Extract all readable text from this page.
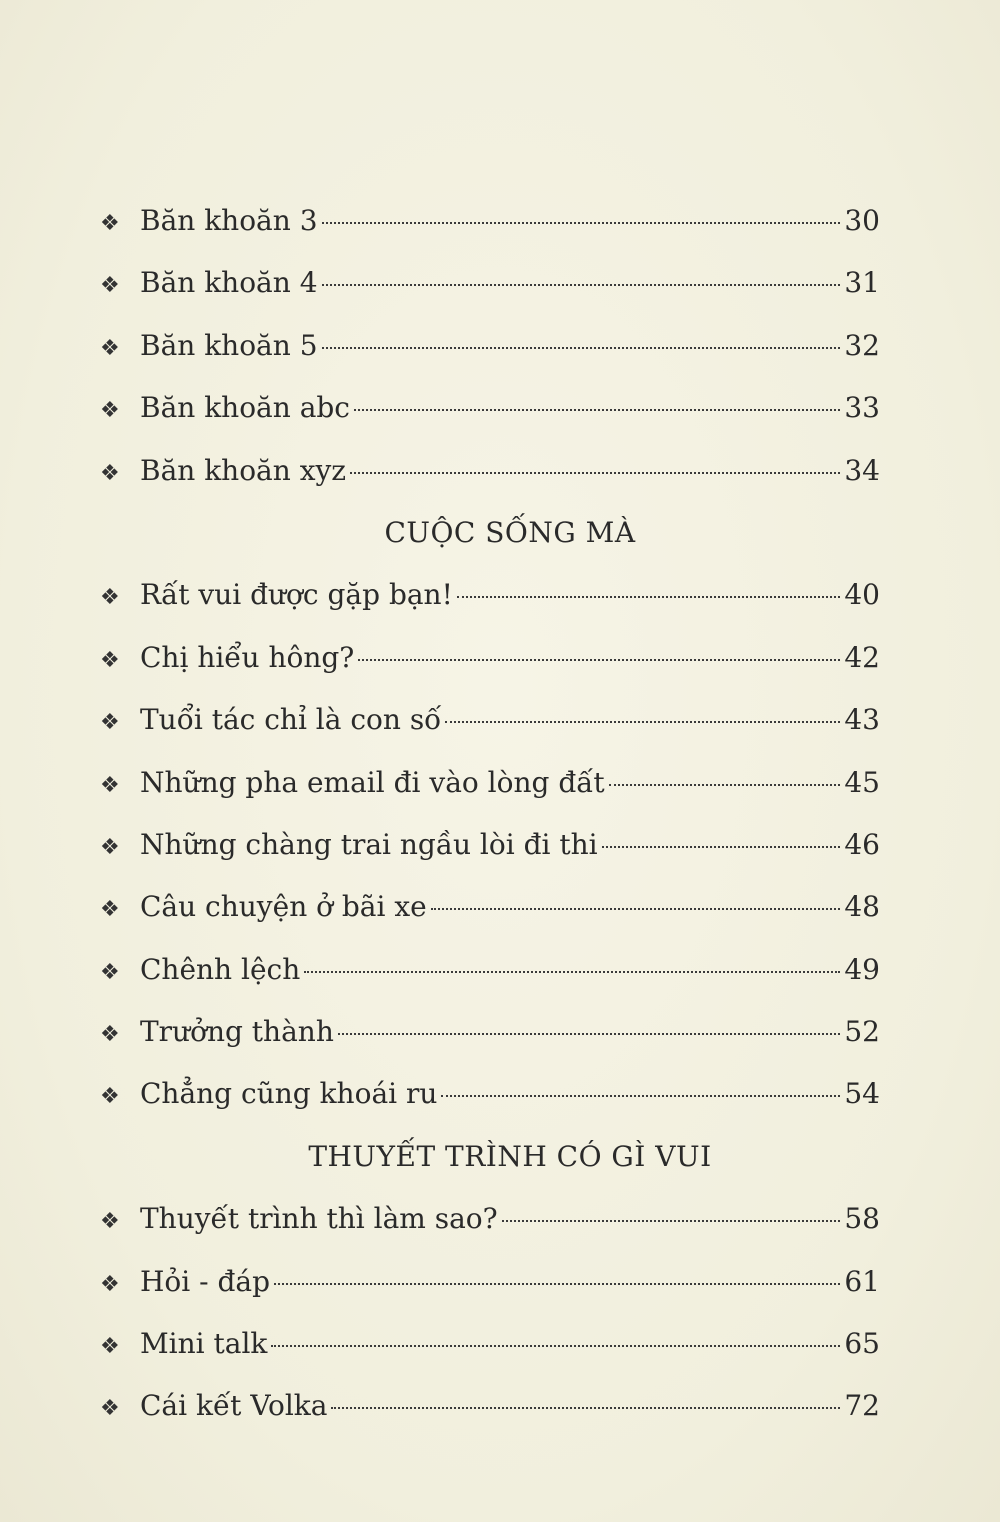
❖ Băn khoăn 3	30
❖ Băn khoăn 4	31
❖ Băn khoăn 5	32
❖ Băn khoăn abc	33
❖ Băn khoăn xyz	34
CUỘC SỐNG MÀ
❖ Rất vui được gặp bạn!	40
❖ Chị hiểu hông?	42
❖ Tuổi tác chỉ là con số	43
❖ Những pha email đi vào lòng đất	45
❖ Những chàng trai ngầu lòi đi thi	46
❖ Câu chuyện ở bãi xe	48
❖ Chênh lệch	49
❖ Trưởng thành	52
❖ Chẳng cũng khoái ru	54
THUYẾT TRÌNH CÓ GÌ VUI
❖ Thuyết trình thì làm sao?	58
❖ Hỏi - đáp	61
❖ Mini talk	65
❖ Cái kết Volka	72
